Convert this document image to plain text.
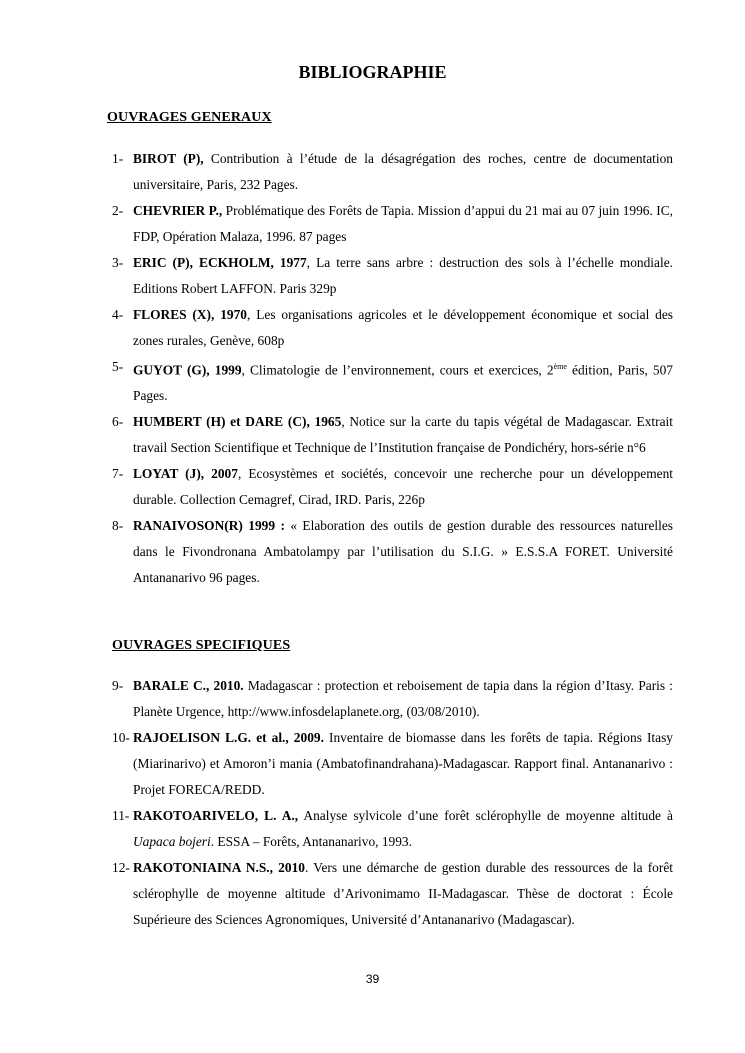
BIBLIOGRAPHIE
OUVRAGES GENERAUX
1- BIROT (P), Contribution à l’étude de la désagrégation des roches, centre de documentation universitaire, Paris, 232 Pages.
2- CHEVRIER P., Problématique des Forêts de Tapia. Mission d’appui du 21 mai au 07 juin 1996. IC, FDP, Opération Malaza, 1996. 87 pages
3- ERIC (P), ECKHOLM, 1977, La terre sans arbre : destruction des sols à l’échelle mondiale. Editions Robert LAFFON. Paris 329p
4- FLORES (X), 1970, Les organisations agricoles et le développement économique et social des zones rurales, Genève, 608p
5- GUYOT (G), 1999, Climatologie de l’environnement, cours et exercices, 2ème édition, Paris, 507 Pages.
6- HUMBERT (H) et DARE (C), 1965, Notice sur la carte du tapis végétal de Madagascar. Extrait travail Section Scientifique et Technique de l’Institution française de Pondichéry, hors-série n°6
7- LOYAT (J), 2007, Ecosystèmes et sociétés, concevoir une recherche pour un développement durable. Collection Cemagref, Cirad, IRD. Paris, 226p
8- RANAIVOSON(R) 1999 : « Elaboration des outils de gestion durable des ressources naturelles dans le Fivondronana Ambatolampy par l’utilisation du S.I.G. » E.S.S.A FORET. Université Antananarivo 96 pages.
OUVRAGES SPECIFIQUES
9- BARALE C., 2010. Madagascar : protection et reboisement de tapia dans la région d’Itasy. Paris : Planète Urgence, http://www.infosdelaplanete.org, (03/08/2010).
10- RAJOELISON L.G. et al., 2009. Inventaire de biomasse dans les forêts de tapia. Régions Itasy (Miarinarivo) et Amoron’i mania (Ambatofinandrahana)-Madagascar. Rapport final. Antananarivo : Projet FORECA/REDD.
11- RAKOTOARIVELO, L. A., Analyse sylvicole d’une forêt sclérophylle de moyenne altitude à Uapaca bojeri. ESSA – Forêts, Antananarivo, 1993.
12- RAKOTONIAINA N.S., 2010. Vers une démarche de gestion durable des ressources de la forêt sclérophylle de moyenne altitude d’Arivonimamo II-Madagascar. Thèse de doctorat : École Supérieure des Sciences Agronomiques, Université d’Antananarivo (Madagascar).
39
